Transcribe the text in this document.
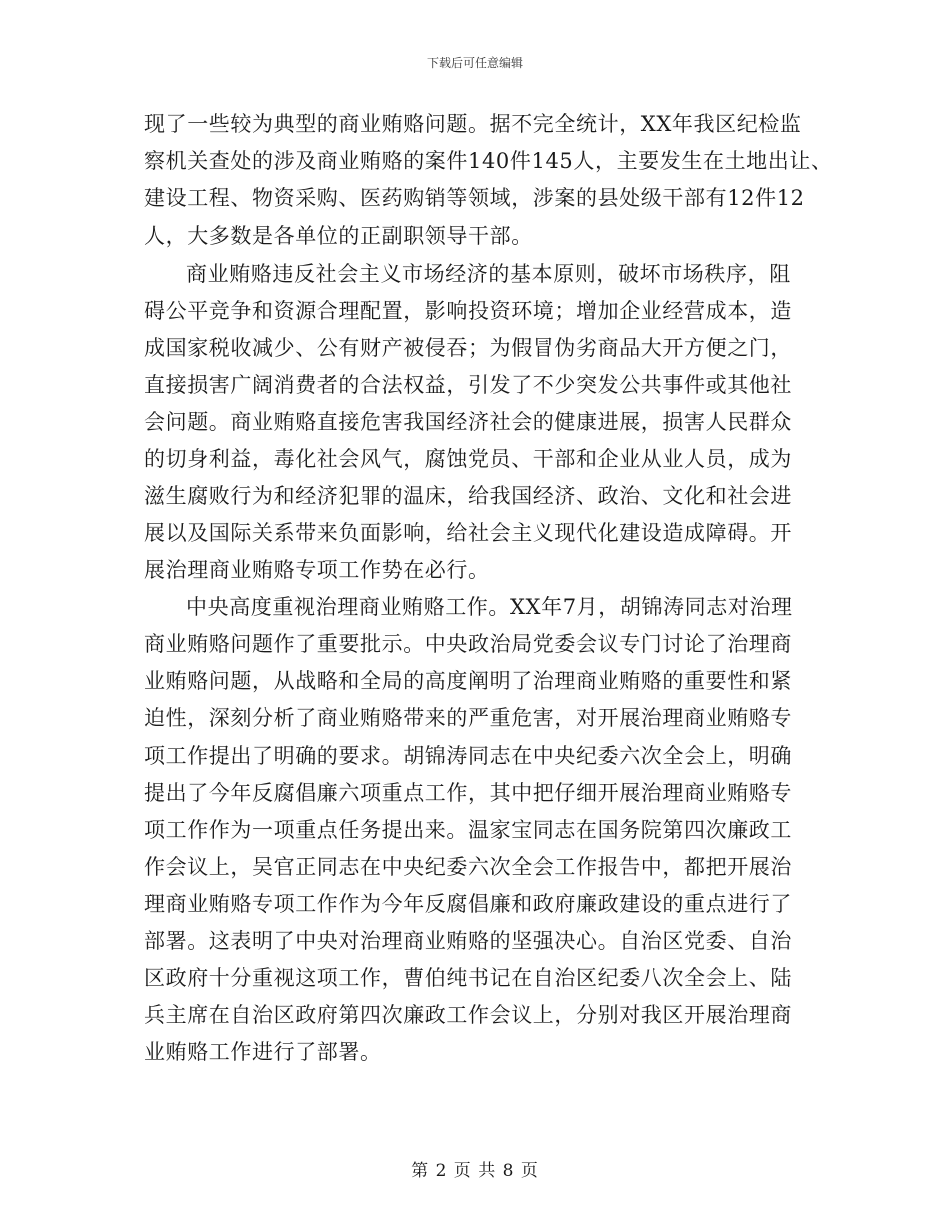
下载后可任意编辑
现了一些较为典型的商业贿赂问题。据不完全统计，XX年我区纪检监
察机关查处的涉及商业贿赂的案件140件145人，主要发生在土地出让、
建设工程、物资采购、医药购销等领域，涉案的县处级干部有12件12
人，大多数是各单位的正副职领导干部。
商业贿赂违反社会主义市场经济的基本原则，破坏市场秩序，阻
碍公平竞争和资源合理配置，影响投资环境；增加企业经营成本，造
成国家税收减少、公有财产被侵吞；为假冒伪劣商品大开方便之门，
直接损害广阔消费者的合法权益，引发了不少突发公共事件或其他社
会问题。商业贿赂直接危害我国经济社会的健康进展，损害人民群众
的切身利益，毒化社会风气，腐蚀党员、干部和企业从业人员，成为
滋生腐败行为和经济犯罪的温床，给我国经济、政治、文化和社会进
展以及国际关系带来负面影响，给社会主义现代化建设造成障碍。开
展治理商业贿赂专项工作势在必行。
中央高度重视治理商业贿赂工作。XX年7月，胡锦涛同志对治理
商业贿赂问题作了重要批示。中央政治局党委会议专门讨论了治理商
业贿赂问题，从战略和全局的高度阐明了治理商业贿赂的重要性和紧
迫性，深刻分析了商业贿赂带来的严重危害，对开展治理商业贿赂专
项工作提出了明确的要求。胡锦涛同志在中央纪委六次全会上，明确
提出了今年反腐倡廉六项重点工作，其中把仔细开展治理商业贿赂专
项工作作为一项重点任务提出来。温家宝同志在国务院第四次廉政工
作会议上，吴官正同志在中央纪委六次全会工作报告中，都把开展治
理商业贿赂专项工作作为今年反腐倡廉和政府廉政建设的重点进行了
部署。这表明了中央对治理商业贿赂的坚强决心。自治区党委、自治
区政府十分重视这项工作，曹伯纯书记在自治区纪委八次全会上、陆
兵主席在自治区政府第四次廉政工作会议上，分别对我区开展治理商
业贿赂工作进行了部署。
第 2 页 共 8 页
